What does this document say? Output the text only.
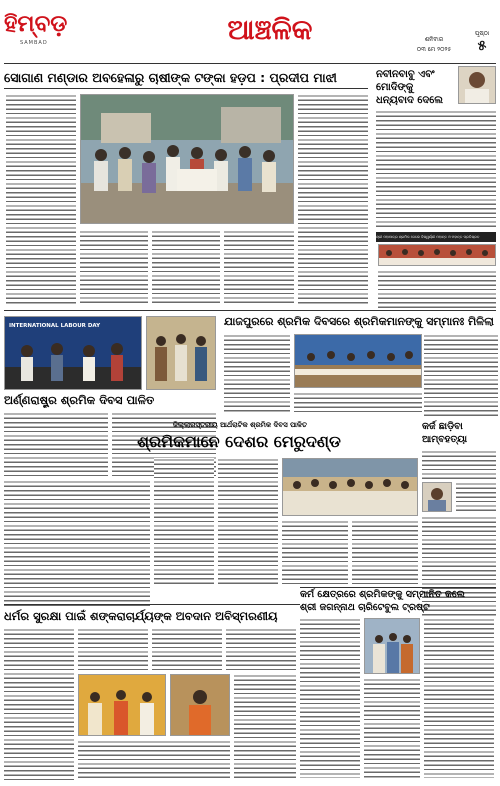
ହିମ୍ବଡ଼
SAMBAD	ଆଞ୍ଚଳିକ	ଶନିବାର
୦୩ ମେ ୨୦୨୫
ପୃଷ୍ଠା
୫
ସୋଗାଣ ମଣ୍ଡାର ଅବହେଳାରୁ ଚାଷୀଙ୍କ ଟଙ୍କା ହଡ଼ପ : ପ୍ରଦୀପ ମାଝୀ	ନବୀନବାବୁ ଏବଂ
ମୋଦିଙ୍କୁ
ଧନ୍ୟବାଦ ଦେଲେ
ଶ୍ରୀ ମହାପାତ୍ର ଶ୍ରମିକ ଦେଲେ ବିଶ୍ୱର୍ଣ୍ଣୀ ମହାନ୍ତ ଓ ମହାନ୍ତ ପ୍ରତିଶ୍ରବ
INTERNATIONAL LABOUR DAY
ଅର୍ଣ୍ଣରାଷ୍ଟ୍ର ଶ୍ରମିକ ଦିବସ ପାଳିତ
ଯାଜପୁରରେ ଶ୍ରମିକ ଦିବସରେ ଶ୍ରମିକମାନଙ୍କୁ ସମ୍ମାନଃ ମିଳିଲା
କର୍ଜ ଛାଡ଼ିବା
ଆମ୍ବହତ୍ୟା
ଜିଲ୍ଲାରସ୍ତରୀୟ ଆର୍ଥରାଟିକ ଶ୍ରମିକ ଦିବସ ପାଳିତ
ଶ୍ରମିକମାନେ ଦେଶର ମେରୁଦଣ୍ଡ
କର୍ମ କ୍ଷେତ୍ରରେ ଶ୍ରମିକଙ୍କୁ ସମ୍ମାନିତ କଲେ
ଶ୍ରୀ ଜଗନ୍ନାଥ ଚାରିଟେବୁଲ ଟ୍ରଷ୍ଟ
ଧର୍ମର ସୁରକ୍ଷା ପାଇଁ ଶଙ୍କରାଚାର୍ଯ୍ୟଙ୍କ ଅବଦାନ ଅବିସ୍ମରଣୀୟ
